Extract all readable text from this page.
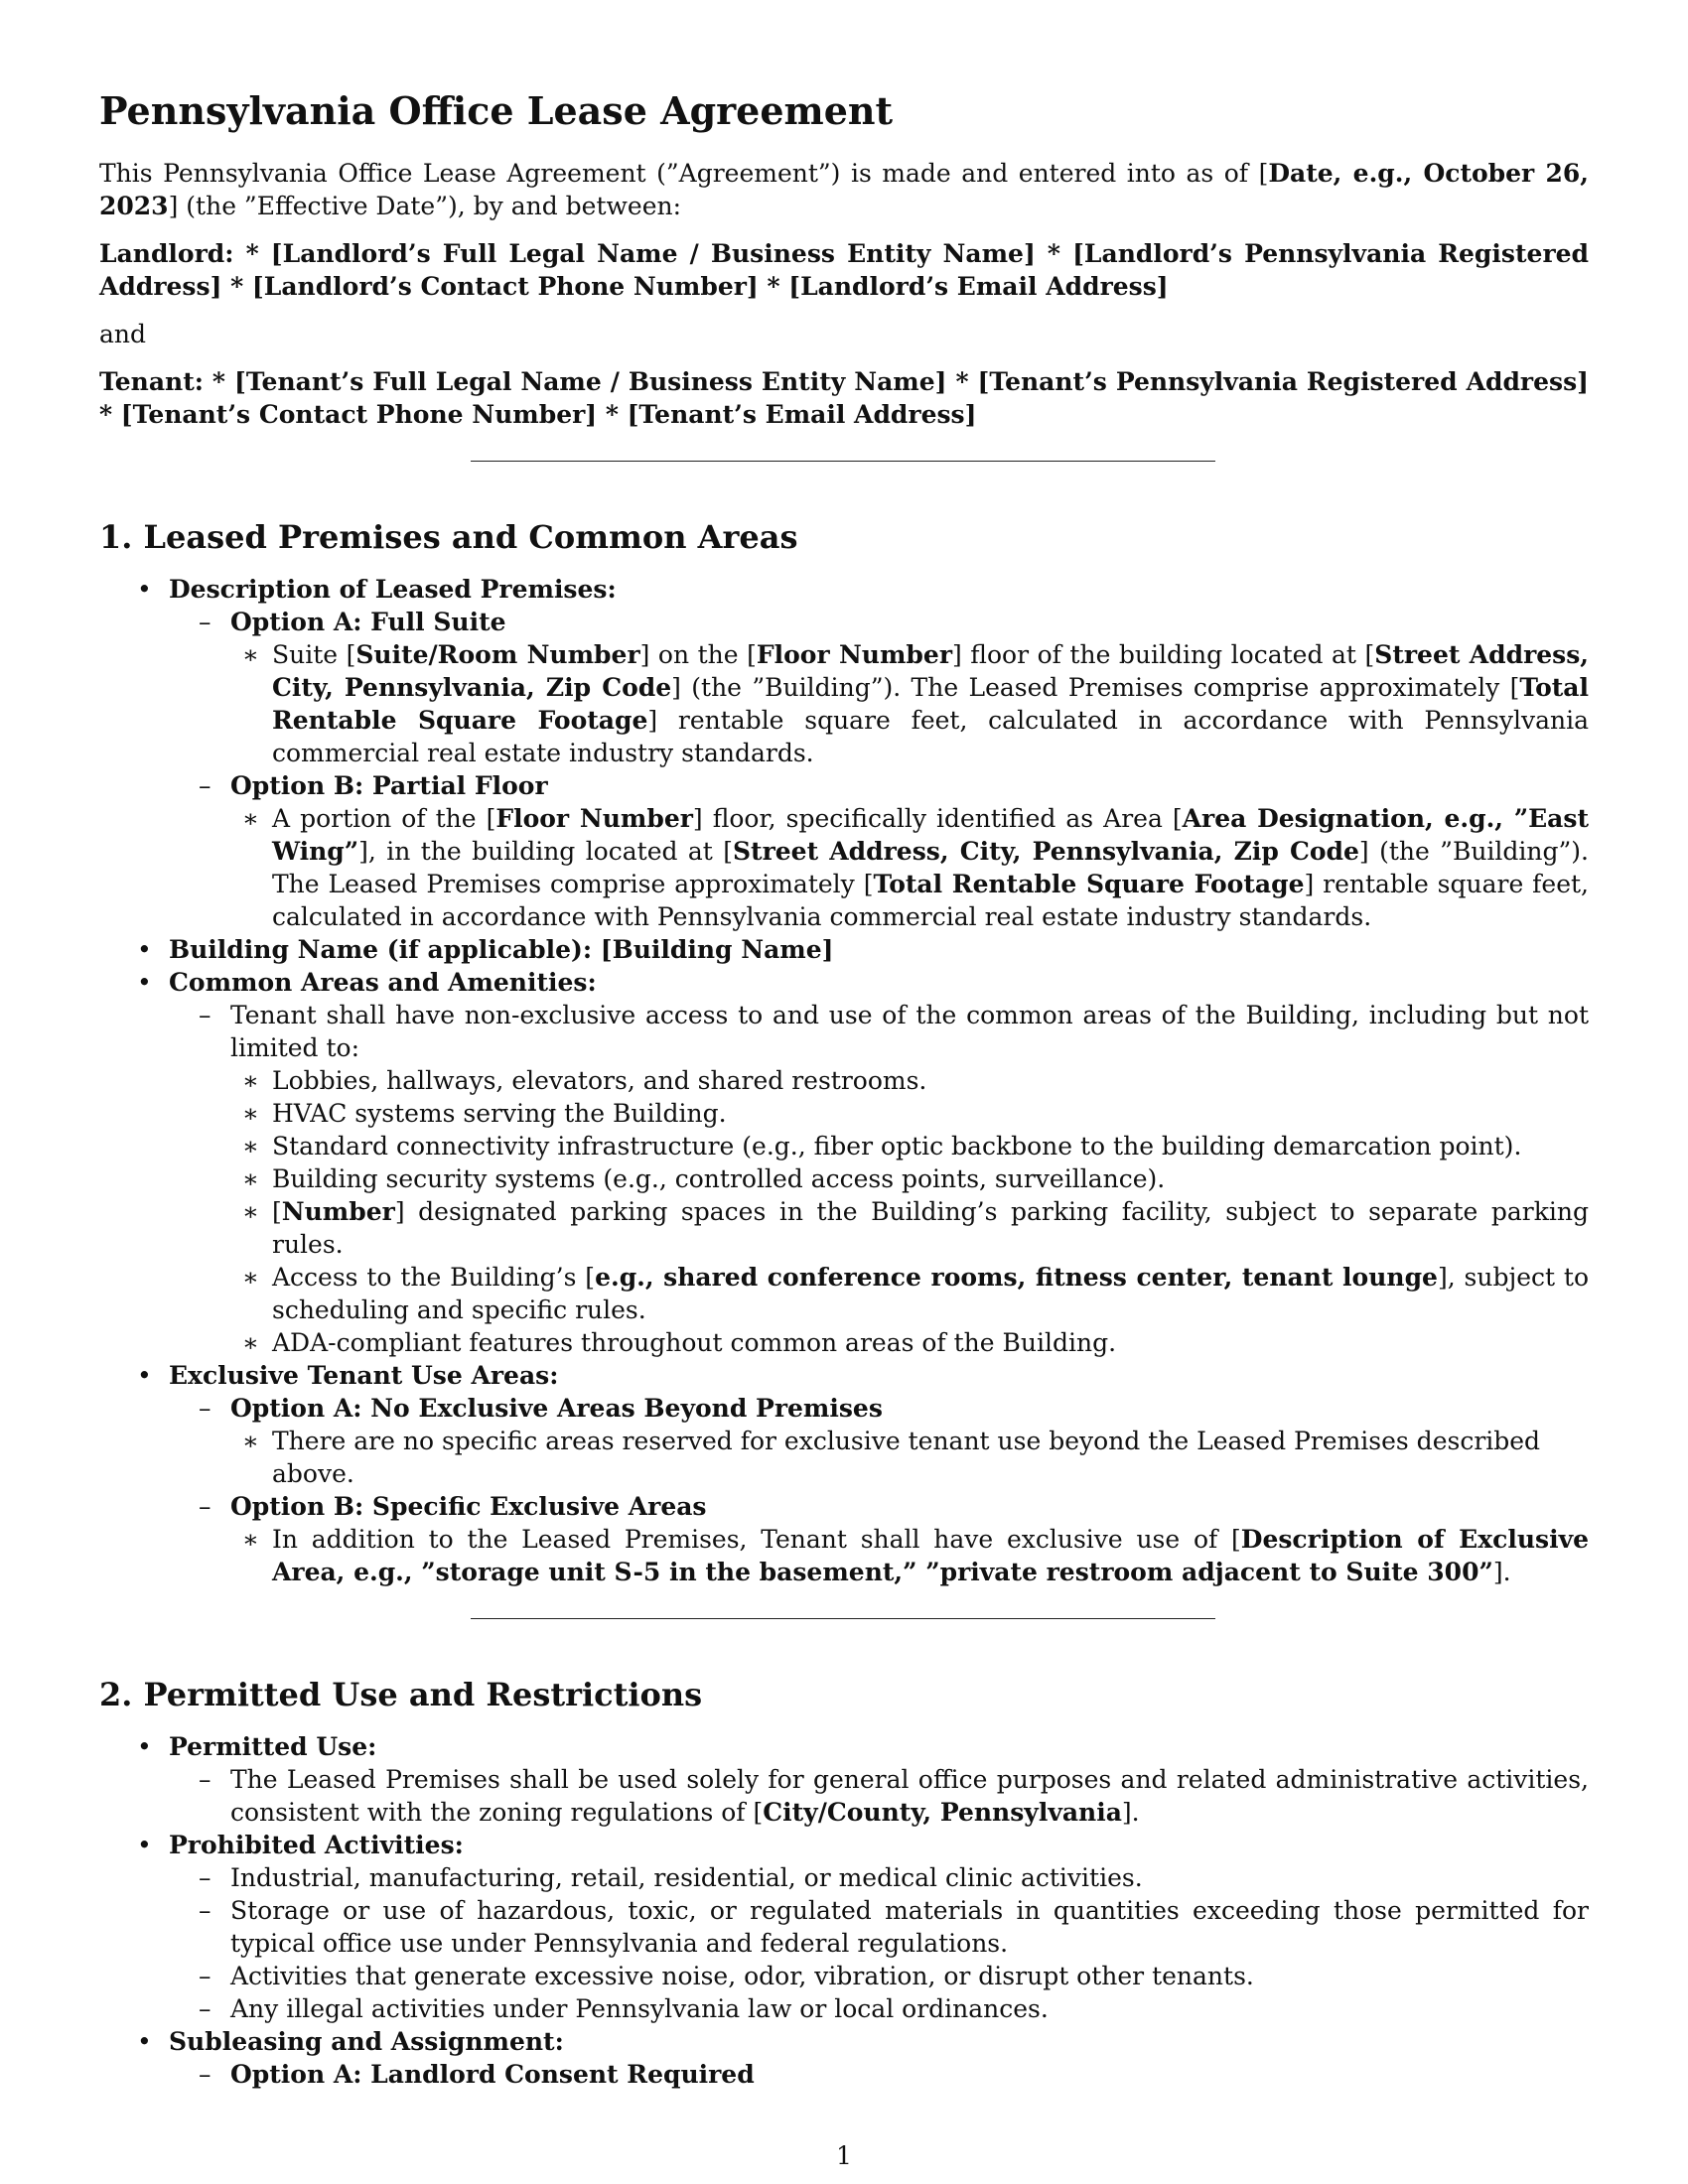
Pennsylvania Office Lease Agreement

This Pennsylvania Office Lease Agreement (”Agreement”) is made and entered into as of [Date, e.g., October 26, 2023] (the ”Effective Date”), by and between:

Landlord: * [Landlord’s Full Legal Name / Business Entity Name] * [Landlord’s Pennsylvania Registered Address] * [Landlord’s Contact Phone Number] * [Landlord’s Email Address]

and

Tenant: * [Tenant’s Full Legal Name / Business Entity Name] * [Tenant’s Pennsylvania Registered Address] * [Tenant’s Contact Phone Number] * [Tenant’s Email Address]

1. Leased Premises and Common Areas
• Description of Leased Premises:
– Option A: Full Suite
∗ Suite [Suite/Room Number] on the [Floor Number] floor of the building located at [Street Address, City, Pennsylvania, Zip Code] (the ”Building”). The Leased Premises comprise approximately [Total Rentable Square Footage] rentable square feet, calculated in accordance with Pennsylvania commercial real estate industry standards.
– Option B: Partial Floor
∗ A portion of the [Floor Number] floor, specifically identified as Area [Area Designation, e.g., ”East Wing”], in the building located at [Street Address, City, Pennsylvania, Zip Code] (the ”Building”). The Leased Premises comprise approximately [Total Rentable Square Footage] rentable square feet, calculated in accordance with Pennsylvania commercial real estate industry standards.
• Building Name (if applicable): [Building Name]
• Common Areas and Amenities:
– Tenant shall have non-exclusive access to and use of the common areas of the Building, including but not limited to:
∗ Lobbies, hallways, elevators, and shared restrooms.
∗ HVAC systems serving the Building.
∗ Standard connectivity infrastructure (e.g., fiber optic backbone to the building demarcation point).
∗ Building security systems (e.g., controlled access points, surveillance).
∗ [Number] designated parking spaces in the Building’s parking facility, subject to separate parking rules.
∗ Access to the Building’s [e.g., shared conference rooms, fitness center, tenant lounge], subject to scheduling and specific rules.
∗ ADA-compliant features throughout common areas of the Building.
• Exclusive Tenant Use Areas:
– Option A: No Exclusive Areas Beyond Premises
∗ There are no specific areas reserved for exclusive tenant use beyond the Leased Premises described above.
– Option B: Specific Exclusive Areas
∗ In addition to the Leased Premises, Tenant shall have exclusive use of [Description of Exclusive Area, e.g., ”storage unit S-5 in the basement,” ”private restroom adjacent to Suite 300”].
2. Permitted Use and Restrictions
• Permitted Use:
– The Leased Premises shall be used solely for general office purposes and related administrative activities, consistent with the zoning regulations of [City/County, Pennsylvania].
• Prohibited Activities:
– Industrial, manufacturing, retail, residential, or medical clinic activities.
– Storage or use of hazardous, toxic, or regulated materials in quantities exceeding those permitted for typical office use under Pennsylvania and federal regulations.
– Activities that generate excessive noise, odor, vibration, or disrupt other tenants.
– Any illegal activities under Pennsylvania law or local ordinances.
• Subleasing and Assignment:
– Option A: Landlord Consent Required
1
